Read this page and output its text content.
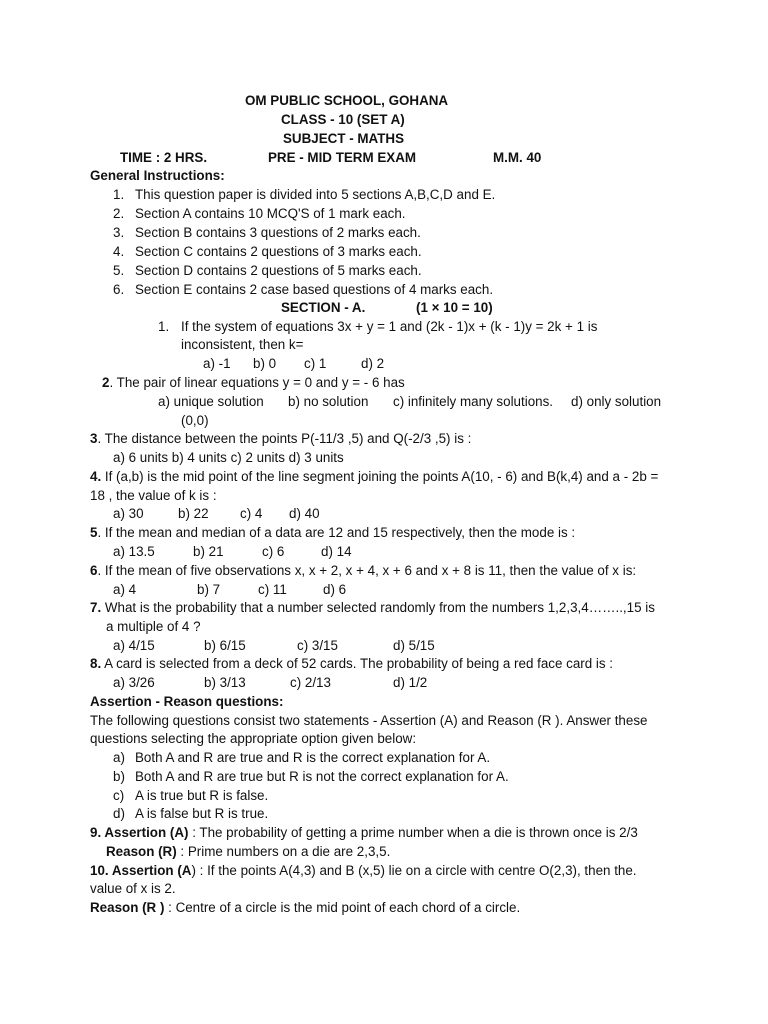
OM PUBLIC SCHOOL, GOHANA
CLASS - 10 (SET A)
SUBJECT - MATHS
TIME : 2 HRS.	PRE - MID TERM EXAM	M.M. 40
General Instructions:
1. This question paper is divided into 5 sections A,B,C,D and E.
2. Section A contains 10 MCQ'S of 1 mark each.
3. Section B contains 3 questions of 2 marks each.
4. Section C contains 2 questions of 3 marks each.
5. Section D contains 2 questions of 5 marks each.
6. Section E contains 2 case based questions of 4 marks each.
SECTION - A.	(1 × 10 = 10)
1. If the system of equations 3x + y = 1 and (2k - 1)x + (k - 1)y = 2k + 1 is
inconsistent, then k=
a) -1 b) 0 c) 1	d) 2
2. The pair of linear equations y = 0 and y = - 6 has
a) unique solution b) no solution c) infinitely many solutions. d) only solution
(0,0)
3. The distance between the points P(-11/3 ,5) and Q(-2/3 ,5) is :
a) 6 units b) 4 units c) 2 units d) 3 units
4. If (a,b) is the mid point of the line segment joining the points A(10, - 6) and B(k,4) and a - 2b =
18 , the value of k is :
a) 30	b) 22 c) 4 d) 40
5. If the mean and median of a data are 12 and 15 respectively, then the mode is :
a) 13.5	b) 21	c) 6	d) 14
6. If the mean of five observations x, x + 2, x + 4, x + 6 and x + 8 is 11, then the value of x is:
a) 4	b) 7	c) 11	d) 6
7. What is the probability that a number selected randomly from the numbers 1,2,3,4……..,15 is
a multiple of 4 ?
a) 4/15	b) 6/15	c) 3/15	d) 5/15
8. A card is selected from a deck of 52 cards. The probability of being a red face card is :
a) 3/26	b) 3/13	c) 2/13	d) 1/2
Assertion - Reason questions:
The following questions consist two statements - Assertion (A) and Reason (R ). Answer these
questions selecting the appropriate option given below:
a) Both A and R are true and R is the correct explanation for A.
b) Both A and R are true but R is not the correct explanation for A.
c) A is true but R is false.
d) A is false but R is true.
9. Assertion (A) : The probability of getting a prime number when a die is thrown once is 2/3
Reason (R) : Prime numbers on a die are 2,3,5.
10. Assertion (A) : If the points A(4,3) and B (x,5) lie on a circle with centre O(2,3), then the.
value of x is 2.
Reason (R ) : Centre of a circle is the mid point of each chord of a circle.
